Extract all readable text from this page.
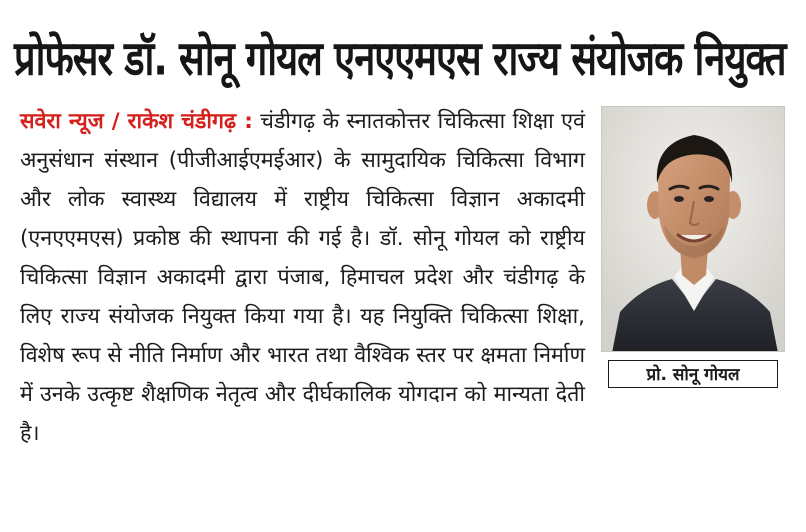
प्रोफेसर डॉ. सोनू गोयल एनएएमएस राज्य संयोजक नियुक्त
प्रो. सोनू गोयल
सवेरा न्यूज / राकेश चंडीगढ़ : चंडीगढ़ के स्नातकोत्तर चिकित्सा शिक्षा एवं अनुसंधान संस्थान (पीजीआईएमईआर) के सामुदायिक चिकित्सा विभाग और लोक स्वास्थ्य विद्यालय में राष्ट्रीय चिकित्सा विज्ञान अकादमी (एनएएमएस) प्रकोष्ठ की स्थापना की गई है। डॉ. सोनू गोयल को राष्ट्रीय चिकित्सा विज्ञान अकादमी द्वारा पंजाब, हिमाचल प्रदेश और चंडीगढ़ के लिए राज्य संयोजक नियुक्त किया गया है। यह नियुक्ति चिकित्सा शिक्षा, विशेष रूप से नीति निर्माण और भारत तथा वैश्विक स्तर पर क्षमता निर्माण में उनके उत्कृष्ट शैक्षणिक नेतृत्व और दीर्घकालिक योगदान को मान्यता देती है।
